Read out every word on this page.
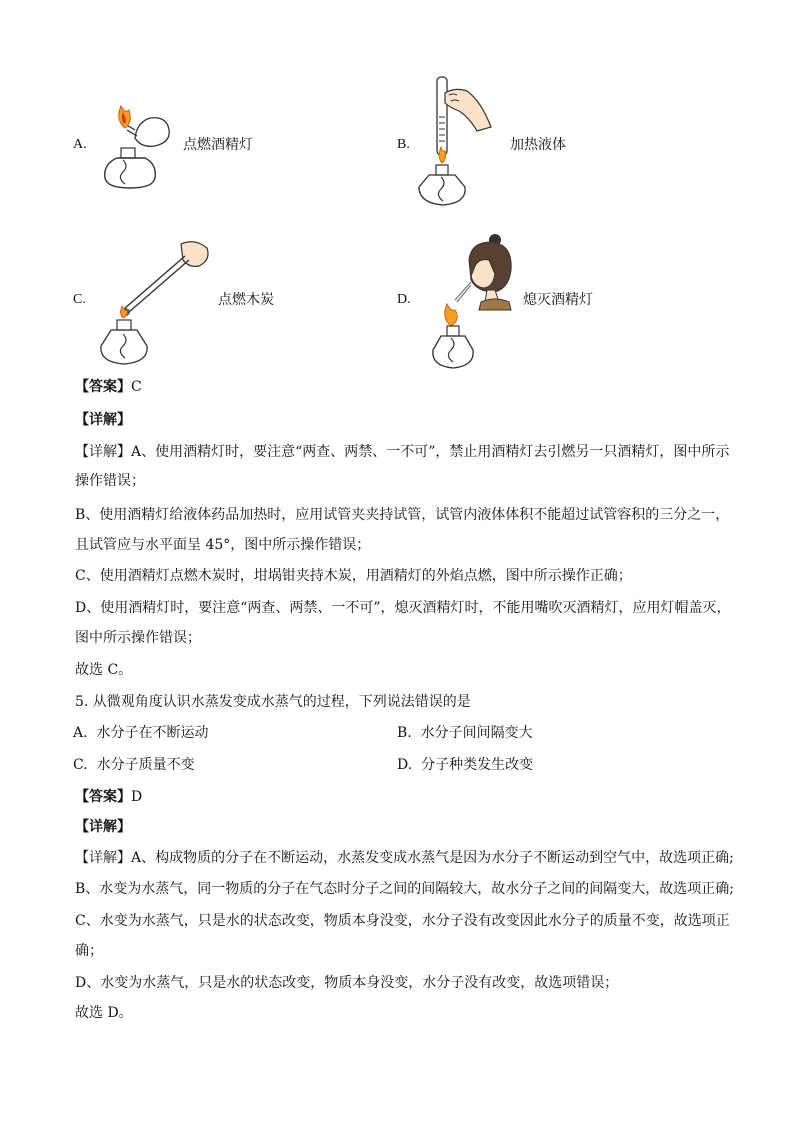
A.	点燃酒精灯	B.	加热液体
C.	点燃木炭	D.	熄灭酒精灯
【答案】C
【详解】
【详解】A、使用酒精灯时，要注意“两查、两禁、一不可”，禁止用酒精灯去引燃另一只酒精灯，图中所示
操作错误；
B、使用酒精灯给液体药品加热时，应用试管夹夹持试管，试管内液体体积不能超过试管容积的三分之一，
且试管应与水平面呈 45°，图中所示操作错误；
C、使用酒精灯点燃木炭时，坩埚钳夹持木炭，用酒精灯的外焰点燃，图中所示操作正确；
D、使用酒精灯时，要注意“两查、两禁、一不可”，熄灭酒精灯时，不能用嘴吹灭酒精灯，应用灯帽盖灭，
图中所示操作错误；
故选 C。
5. 从微观角度认识水蒸发变成水蒸气的过程，下列说法错误的是
A. 水分子在不断运动	B. 水分子间间隔变大
C. 水分子质量不变	D. 分子种类发生改变
【答案】D
【详解】
【详解】A、构成物质的分子在不断运动，水蒸发变成水蒸气是因为水分子不断运动到空气中，故选项正确;
B、水变为水蒸气，同一物质的分子在气态时分子之间的间隔较大，故水分子之间的间隔变大，故选项正确;
C、水变为水蒸气，只是水的状态改变，物质本身没变，水分子没有改变因此水分子的质量不变，故选项正
确；
D、水变为水蒸气，只是水的状态改变，物质本身没变，水分子没有改变，故选项错误；
故选 D。
